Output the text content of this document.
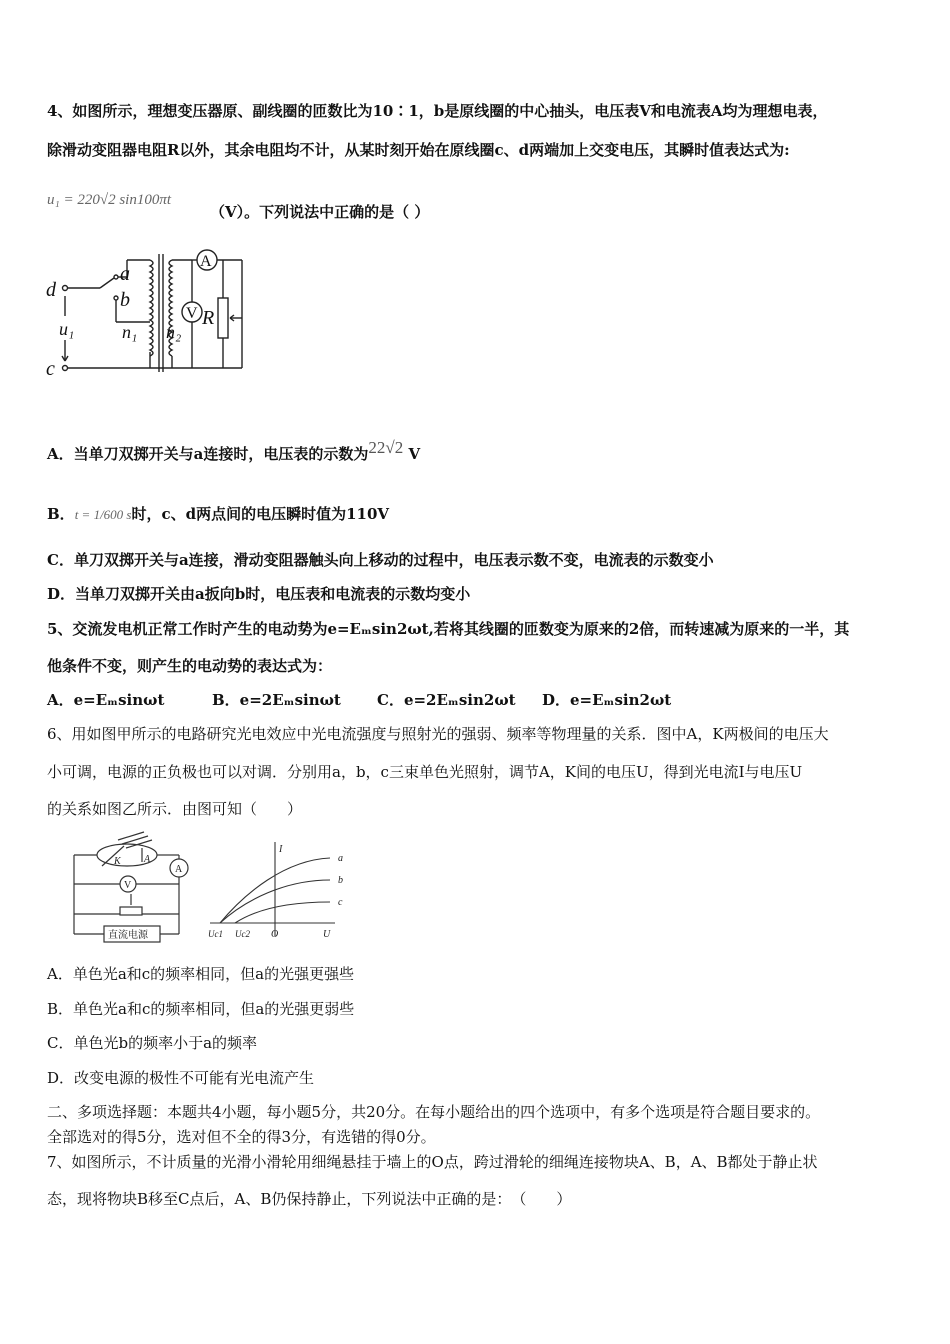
4、如图所示，理想变压器原、副线圈的匝数比为10∶1，b是原线圈的中心抽头，电压表V和电流表A均为理想电表，
除滑动变阻器电阻R以外，其余电阻均不计，从某时刻开始在原线圈c、d两端加上交变电压，其瞬时值表达式为:
u₁ = 220√2 sin100πt
（V）。下列说法中正确的是（ ）
d
c
a
b
u₁	n₁ n₂
A
V R
A．当单刀双掷开关与a连接时，电压表的示数为22√2 V
B．t = 1/600 s时，c、d两点间的电压瞬时值为110V
C．单刀双掷开关与a连接，滑动变阻器触头向上移动的过程中，电压表示数不变，电流表的示数变小
D．当单刀双掷开关由a扳向b时，电压表和电流表的示数均变小
5、交流发电机正常工作时产生的电动势为e=Eₘsin2ωt,若将其线圈的匝数变为原来的2倍，而转速减为原来的一半，其
他条件不变，则产生的电动势的表达式为：
A．e=Eₘsinωt	B．e=2Eₘsinωt C．e=2Eₘsin2ωt D．e=Eₘsin2ωt
6、用如图甲所示的电路研究光电效应中光电流强度与照射光的强弱、频率等物理量的关系．图中A，K两极间的电压大
小可调，电源的正负极也可以对调．分别用a，b，c三束单色光照射，调节A，K间的电压U，得到光电流I与电压U
的关系如图乙所示．由图可知（　　）
K A
A
V
直流电源
I
U
O
Uc1 Uc2
a
b
c
A．单色光a和c的频率相同，但a的光强更强些
B．单色光a和c的频率相同，但a的光强更弱些
C．单色光b的频率小于a的频率
D．改变电源的极性不可能有光电流产生
二、多项选择题：本题共4小题，每小题5分，共20分。在每小题给出的四个选项中，有多个选项是符合题目要求的。
全部选对的得5分，选对但不全的得3分，有选错的得0分。
7、如图所示，不计质量的光滑小滑轮用细绳悬挂于墙上的O点，跨过滑轮的细绳连接物块A、B，A、B都处于静止状
态，现将物块B移至C点后，A、B仍保持静止，下列说法中正确的是：　（　　）
